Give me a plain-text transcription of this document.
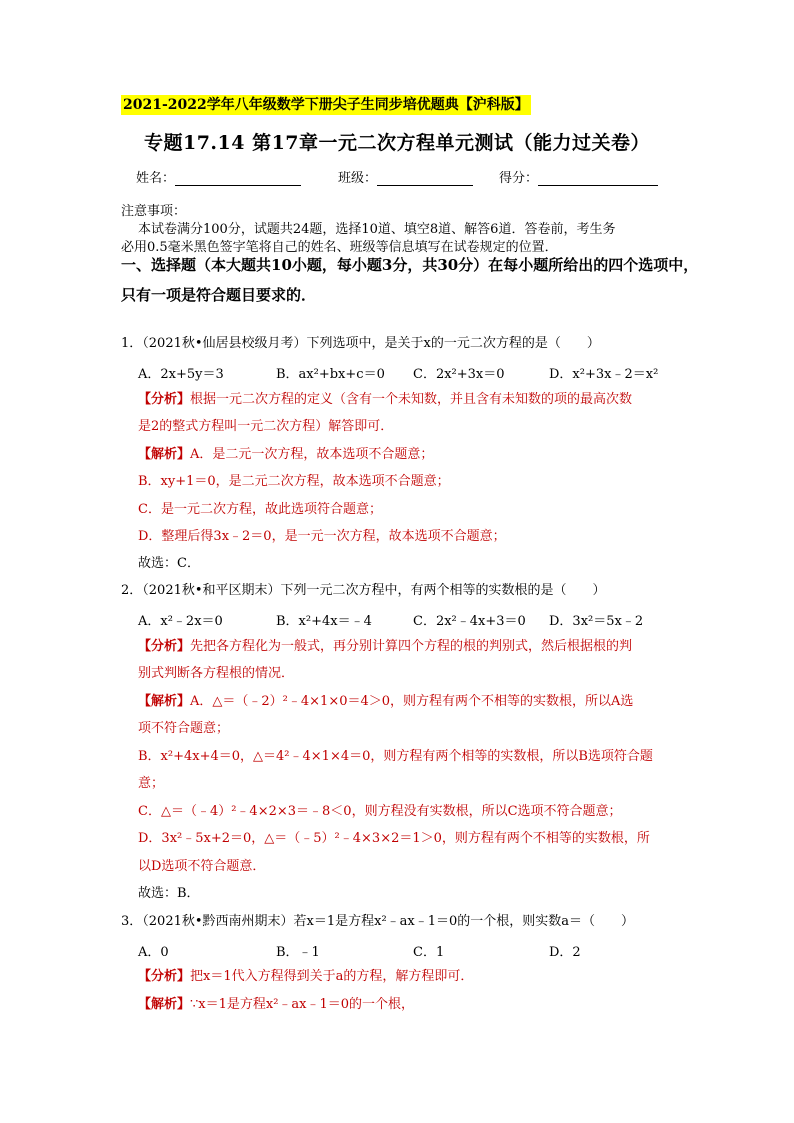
2021-2022学年八年级数学下册尖子生同步培优题典【沪科版】
专题17.14 第17章一元二次方程单元测试（能力过关卷）
姓名：	班级：	得分：
注意事项：
本试卷满分100分，试题共24题，选择10道、填空8道、解答6道．答卷前，考生务
必用0.5毫米黑色签字笔将自己的姓名、班级等信息填写在试卷规定的位置．
一、选择题（本大题共10小题，每小题3分，共30分）在每小题所给出的四个选项中，
只有一项是符合题目要求的．
1．（2021秋•仙居县校级月考）下列选项中，是关于x的一元二次方程的是（　　）
A．2x+5y＝3	B．ax²+bx+c＝0 C．2x²+3x＝0	D．x²+3x﹣2＝x²
【分析】根据一元二次方程的定义（含有一个未知数，并且含有未知数的项的最高次数
是2的整式方程叫一元二次方程）解答即可．
【解析】A．是二元一次方程，故本选项不合题意；
B．xy+1＝0，是二元二次方程，故本选项不合题意；
C．是一元二次方程，故此选项符合题意；
D．整理后得3x﹣2＝0，是一元一次方程，故本选项不合题意；
故选：C．
2．（2021秋•和平区期末）下列一元二次方程中，有两个相等的实数根的是（　　）
A．x²﹣2x＝0	B．x²+4x＝﹣4	C．2x²﹣4x+3＝0 D．3x²＝5x﹣2
【分析】先把各方程化为一般式，再分别计算四个方程的根的判别式，然后根据根的判
别式判断各方程根的情况．
【解析】A．△＝（﹣2）²﹣4×1×0＝4＞0，则方程有两个不相等的实数根，所以A选
项不符合题意；
B．x²+4x+4＝0，△＝4²﹣4×1×4＝0，则方程有两个相等的实数根，所以B选项符合题
意；
C．△＝（﹣4）²﹣4×2×3＝﹣8＜0，则方程没有实数根，所以C选项不符合题意；
D．3x²﹣5x+2＝0，△＝（﹣5）²﹣4×3×2＝1＞0，则方程有两个不相等的实数根，所
以D选项不符合题意．
故选：B．
3．（2021秋•黔西南州期末）若x＝1是方程x²﹣ax﹣1＝0的一个根，则实数a＝（　　）
A．0	B．﹣1	C．1	D．2
【分析】把x＝1代入方程得到关于a的方程，解方程即可．
【解析】∵x＝1是方程x²﹣ax﹣1＝0的一个根，
